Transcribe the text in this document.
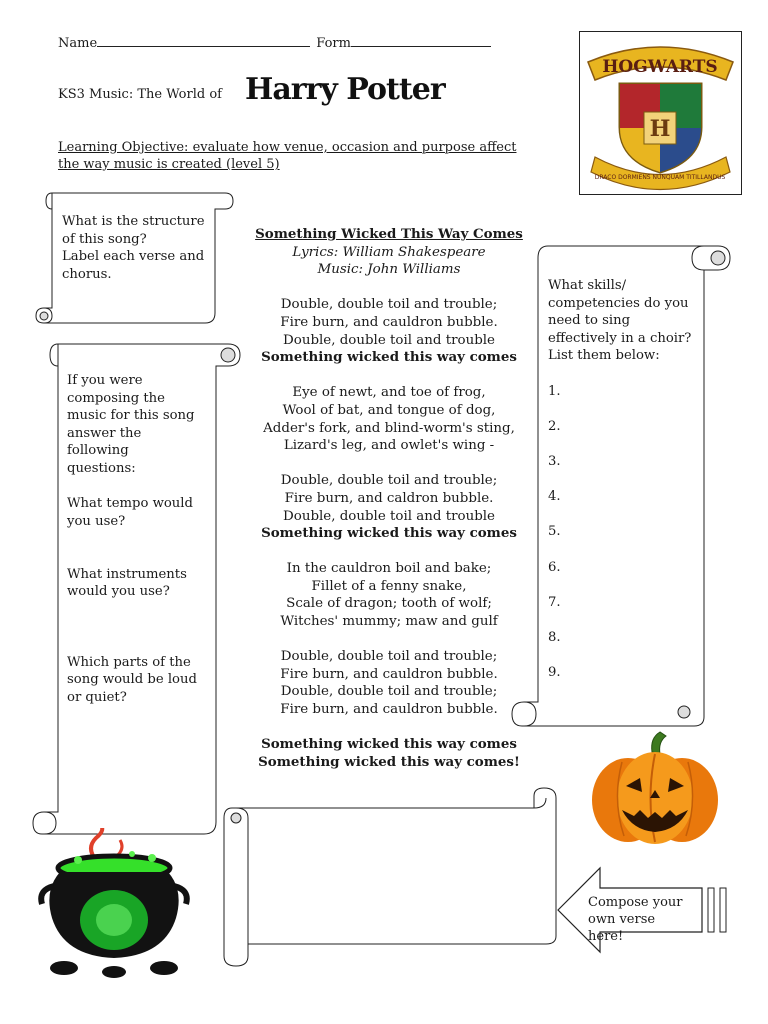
Name	Form
KS3 Music: The World of Harry Potter
Learning Objective: evaluate how venue, occasion and purpose affect
the way music is created (level 5)
HOGWARTS
H
DRACO DORMIENS NUNQUAM TITILLANDUS
What is the structure
of this song?
Label each verse and
chorus.
If you were
composing the
music for this song
answer the
following
questions:
What tempo would
you use?
What instruments
would you use?
Which parts of the
song would be loud
or quiet?
Something Wicked This Way Comes
Lyrics: William Shakespeare
Music: John Williams
Double, double toil and trouble;
Fire burn, and cauldron bubble.
Double, double toil and trouble
Something wicked this way comes
Eye of newt, and toe of frog,
Wool of bat, and tongue of dog,
Adder's fork, and blind-worm's sting,
Lizard's leg, and owlet's wing -
Double, double toil and trouble;
Fire burn, and caldron bubble.
Double, double toil and trouble
Something wicked this way comes
In the cauldron boil and bake;
Fillet of a fenny snake,
Scale of dragon; tooth of wolf;
Witches' mummy; maw and gulf
Double, double toil and trouble;
Fire burn, and cauldron bubble.
Double, double toil and trouble;
Fire burn, and cauldron bubble.
Something wicked this way comes
Something wicked this way comes!
What skills/
competencies do you
need to sing
effectively in a choir?
List them below:
1.
2.
3.
4.
5.
6.
7.
8.
9.
Compose your
own verse
here!
